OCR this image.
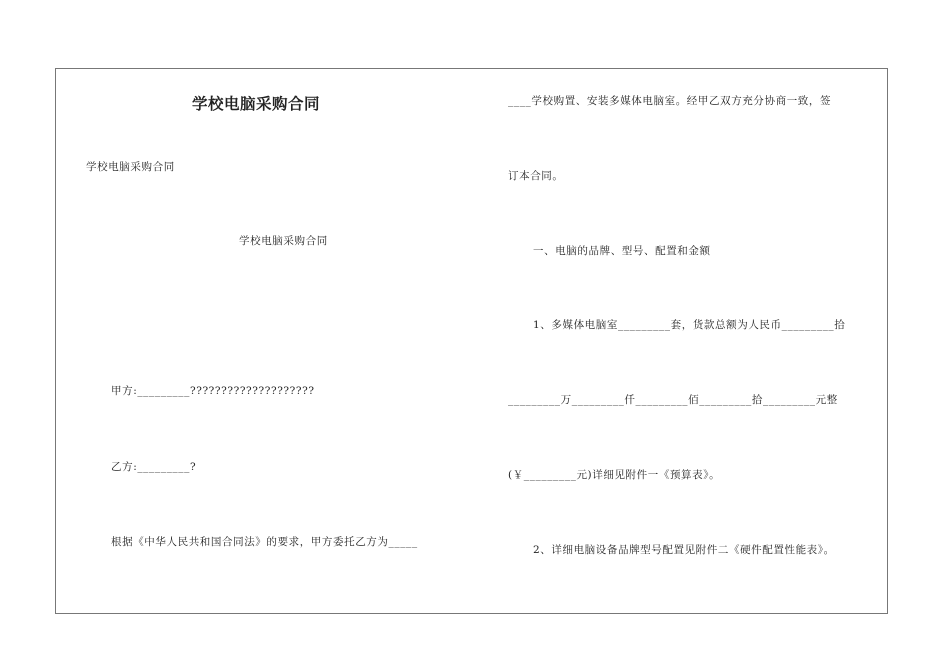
学校电脑采购合同
学校电脑采购合同
学校电脑采购合同
甲方:_________????????????????????
乙方:_________?
根据《中华人民共和国合同法》的要求，甲方委托乙方为_____
____学校购置、安装多媒体电脑室。经甲乙双方充分协商一致，签
订本合同。
一、电脑的品牌、型号、配置和金额
1、多媒体电脑室_________套，货款总额为人民币_________拾
_________万_________仟_________佰_________拾_________元整
(￥_________元)详细见附件一《预算表》。
2、详细电脑设备品牌型号配置见附件二《硬件配置性能表》。
